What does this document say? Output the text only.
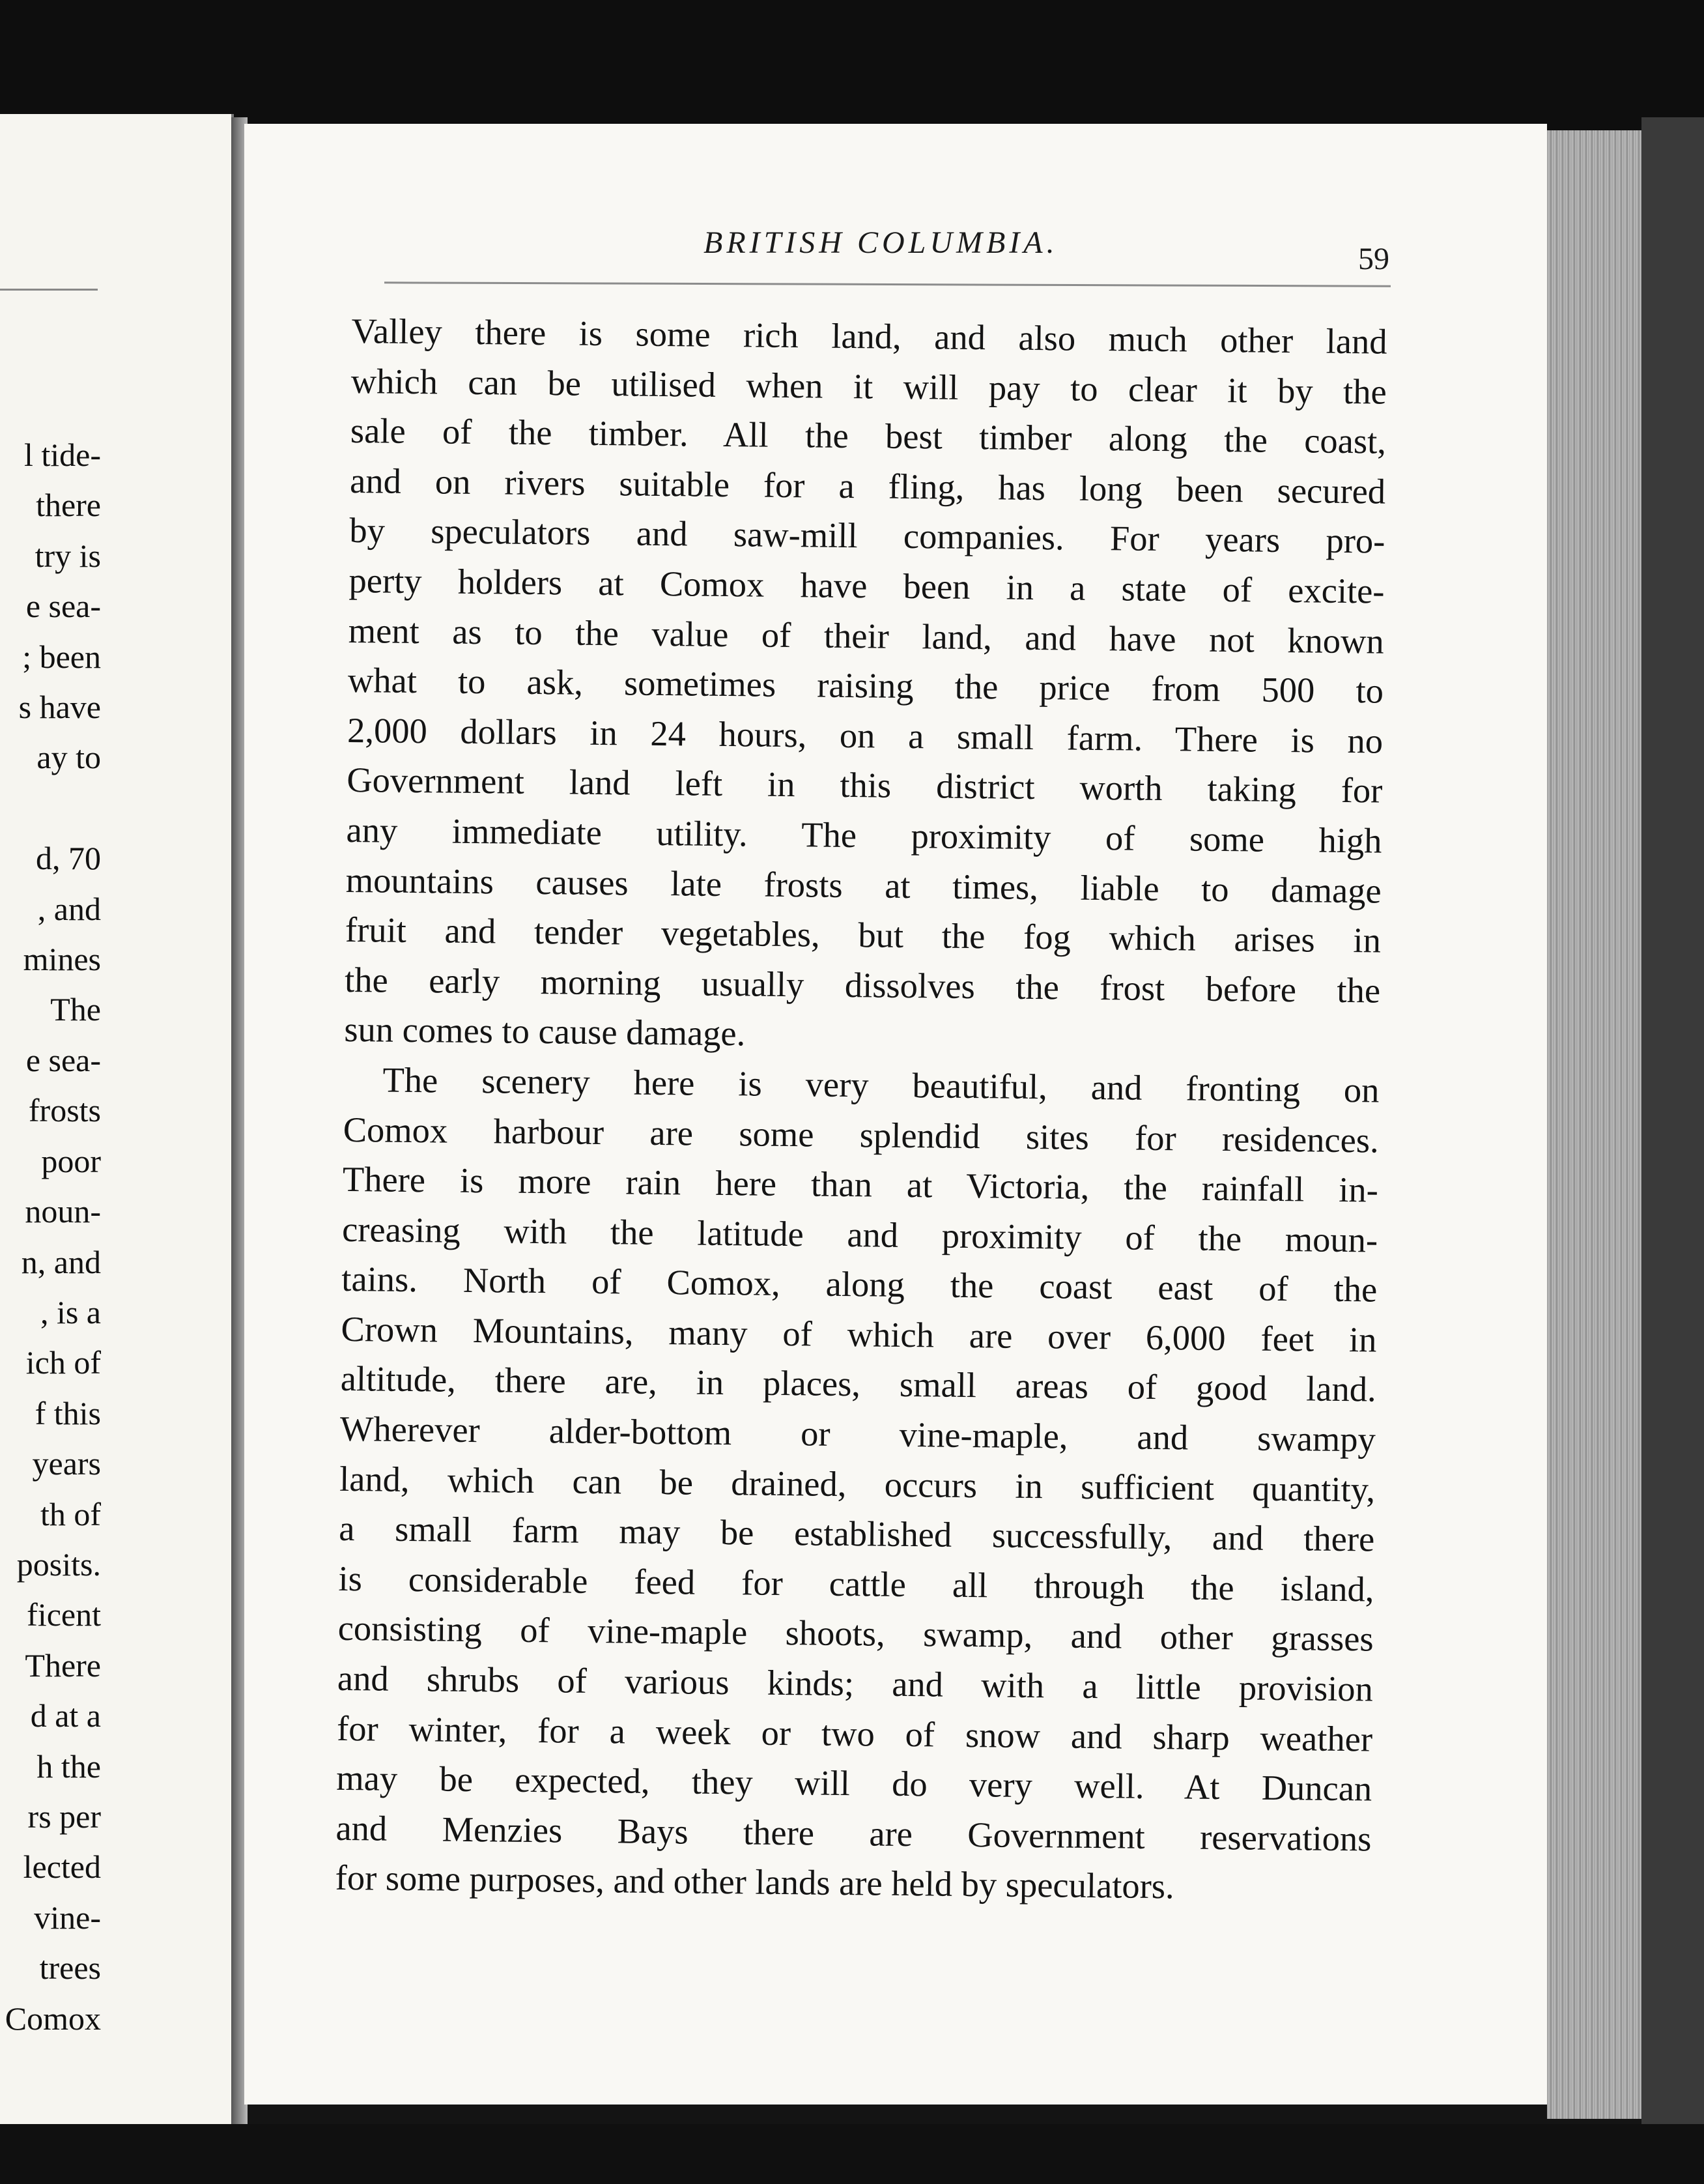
l tide-
there
try is
e sea-
; been
s have
ay to

d, 70
, and
mines
The
e sea-
frosts
poor
noun-
n, and
, is a
ich of
f this
years
th of
posits.
ficent
There
d at a
h the
rs per
lected
vine-
trees
Comox
BRITISH COLUMBIA.	59
Valley there is some rich land, and also much other land
which can be utilised when it will pay to clear it by the
sale of the timber. All the best timber along the coast,
and on rivers suitable for a fling, has long been secured
by speculators and saw-mill companies. For years pro-
perty holders at Comox have been in a state of excite-
ment as to the value of their land, and have not known
what to ask, sometimes raising the price from 500 to
2,000 dollars in 24 hours, on a small farm. There is no
Government land left in this district worth taking for
any immediate utility. The proximity of some high
mountains causes late frosts at times, liable to damage
fruit and tender vegetables, but the fog which arises in
the early morning usually dissolves the frost before the
sun comes to cause damage.
The scenery here is very beautiful, and fronting on
Comox harbour are some splendid sites for residences.
There is more rain here than at Victoria, the rainfall in-
creasing with the latitude and proximity of the moun-
tains. North of Comox, along the coast east of the
Crown Mountains, many of which are over 6,000 feet in
altitude, there are, in places, small areas of good land.
Wherever alder-bottom or vine-maple, and swampy
land, which can be drained, occurs in sufficient quantity,
a small farm may be established successfully, and there
is considerable feed for cattle all through the island,
consisting of vine-maple shoots, swamp, and other grasses
and shrubs of various kinds; and with a little provision
for winter, for a week or two of snow and sharp weather
may be expected, they will do very well. At Duncan
and Menzies Bays there are Government reservations
for some purposes, and other lands are held by speculators.
